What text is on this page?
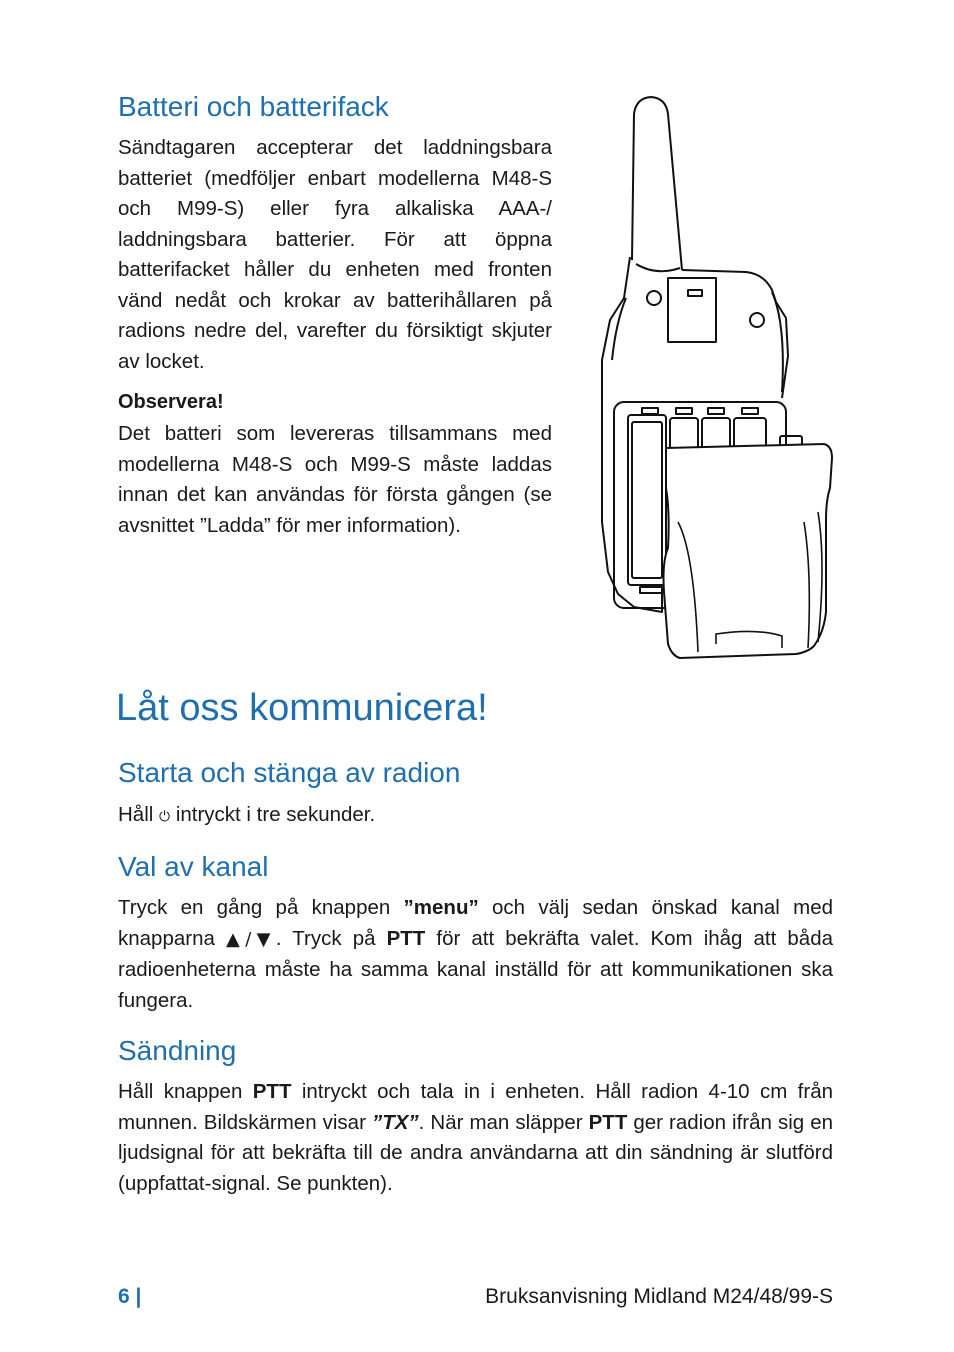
Batteri och batterifack

Sändtagaren accepterar det laddningsbara batteriet (medföljer enbart modellerna M48-S och M99-S) eller fyra alkaliska AAA-/ laddningsbara batterier. För att öppna batterifacket håller du enheten med fronten vänd nedåt och krokar av batterihållaren på radions nedre del, varefter du försiktigt skjuter av locket.

Observera!

Det batteri som levereras tillsammans med modellerna M48-S och M99-S måste laddas innan det kan användas för första gången (se avsnittet ”Ladda” för mer information).

Låt oss kommunicera!
Starta och stänga av radion

Håll ⏻ intryckt i tre sekunder.

Val av kanal

Tryck en gång på knappen ”menu” och välj sedan önskad kanal med knapparna ▲/▼. Tryck på PTT för att bekräfta valet. Kom ihåg att båda radioenheterna måste ha samma kanal inställd för att kommunikationen ska fungera.

Sändning

Håll knappen PTT intryckt och tala in i enheten. Håll radion 4-10 cm från munnen. Bildskärmen visar ”TX”. När man släpper PTT ger radion ifrån sig en ljudsignal för att bekräfta till de andra användarna att din sändning är slutförd (uppfattat-signal. Se punkten).

6 |	Bruksanvisning Midland M24/48/99-S
